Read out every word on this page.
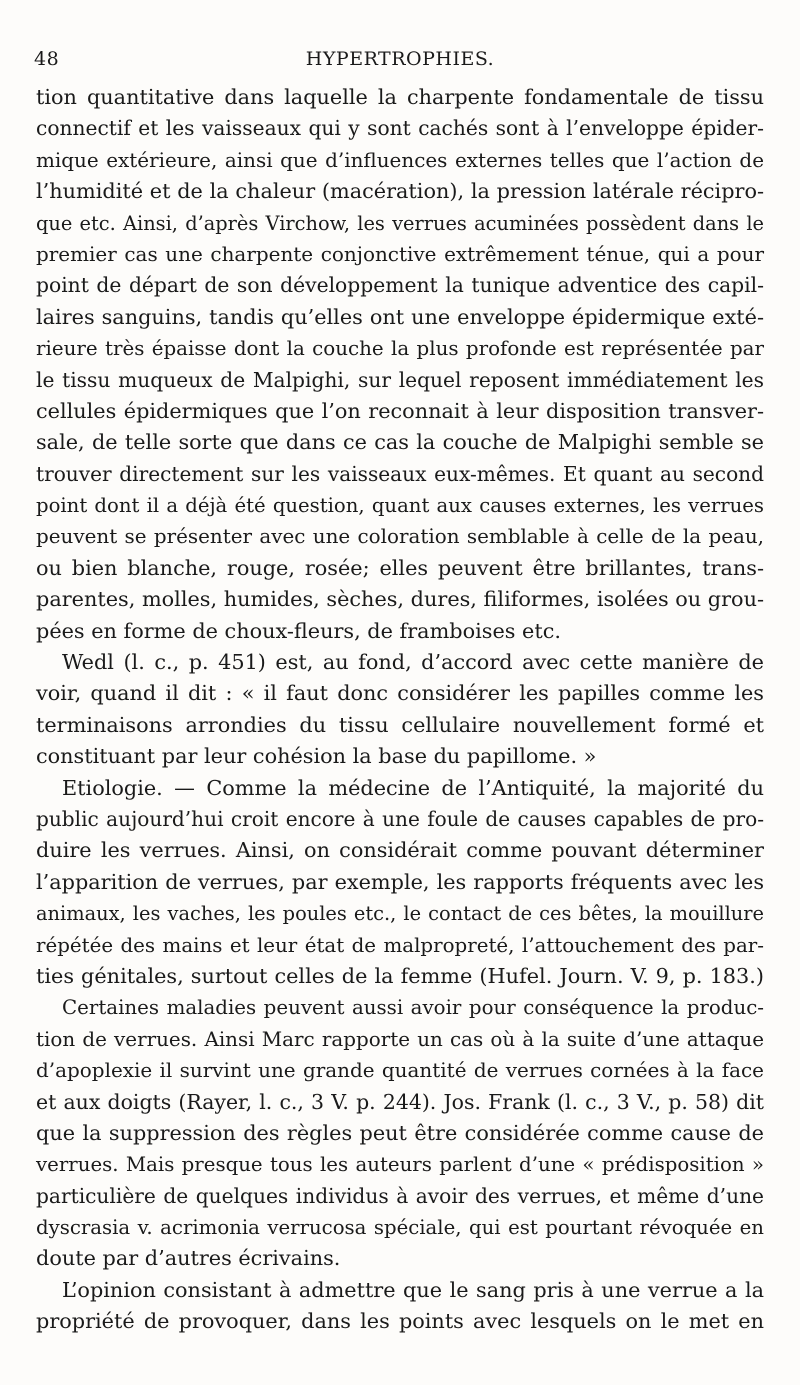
48	HYPERTROPHIES.
tion quantitative dans laquelle la charpente fondamentale de tissu
connectif et les vaisseaux qui y sont cachés sont à l’enveloppe épider-
mique extérieure, ainsi que d’influences externes telles que l’action de
l’humidité et de la chaleur (macération), la pression latérale récipro-
que etc. Ainsi, d’après Virchow, les verrues acuminées possèdent dans le
premier cas une charpente conjonctive extrêmement ténue, qui a pour
point de départ de son développement la tunique adventice des capil-
laires sanguins, tandis qu’elles ont une enveloppe épidermique exté-
rieure très épaisse dont la couche la plus profonde est représentée par
le tissu muqueux de Malpighi, sur lequel reposent immédiatement les
cellules épidermiques que l’on reconnait à leur disposition transver-
sale, de telle sorte que dans ce cas la couche de Malpighi semble se
trouver directement sur les vaisseaux eux-mêmes. Et quant au second
point dont il a déjà été question, quant aux causes externes, les verrues
peuvent se présenter avec une coloration semblable à celle de la peau,
ou bien blanche, rouge, rosée; elles peuvent être brillantes, trans-
parentes, molles, humides, sèches, dures, filiformes, isolées ou grou-
pées en forme de choux-fleurs, de framboises etc.
Wedl (l. c., p. 451) est, au fond, d’accord avec cette manière de
voir, quand il dit : « il faut donc considérer les papilles comme les
terminaisons arrondies du tissu cellulaire nouvellement formé et
constituant par leur cohésion la base du papillome. »
Etiologie. — Comme la médecine de l’Antiquité, la majorité du
public aujourd’hui croit encore à une foule de causes capables de pro-
duire les verrues. Ainsi, on considérait comme pouvant déterminer
l’apparition de verrues, par exemple, les rapports fréquents avec les
animaux, les vaches, les poules etc., le contact de ces bêtes, la mouillure
répétée des mains et leur état de malpropreté, l’attouchement des par-
ties génitales, surtout celles de la femme (Hufel. Journ. V. 9, p. 183.)
Certaines maladies peuvent aussi avoir pour conséquence la produc-
tion de verrues. Ainsi Marc rapporte un cas où à la suite d’une attaque
d’apoplexie il survint une grande quantité de verrues cornées à la face
et aux doigts (Rayer, l. c., 3 V. p. 244). Jos. Frank (l. c., 3 V., p. 58) dit
que la suppression des règles peut être considérée comme cause de
verrues. Mais presque tous les auteurs parlent d’une « prédisposition »
particulière de quelques individus à avoir des verrues, et même d’une
dyscrasia v. acrimonia verrucosa spéciale, qui est pourtant révoquée en
doute par d’autres écrivains.
L’opinion consistant à admettre que le sang pris à une verrue a la
propriété de provoquer, dans les points avec lesquels on le met en
